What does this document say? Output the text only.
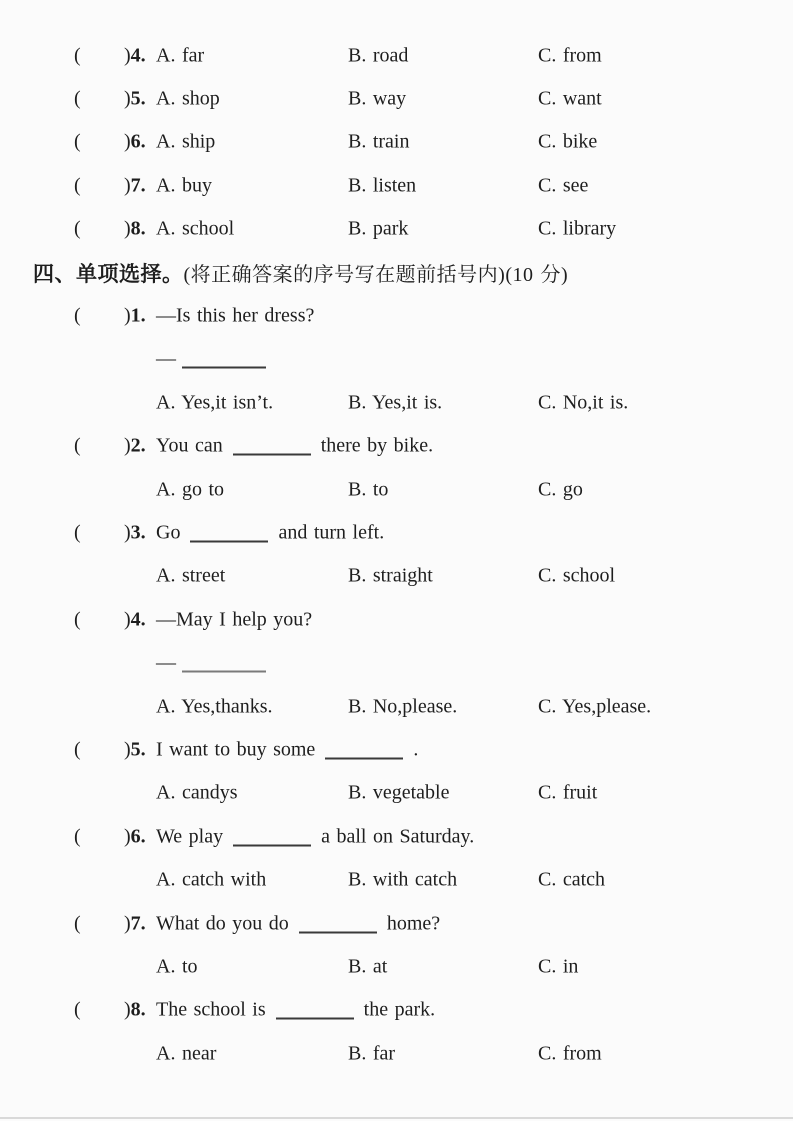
( )4. A. far	B. road	C. from
( )5. A. shop	B. way	C. want
( )6. A. ship	B. train	C. bike
( )7. A. buy	B. listen	C. see
( )8. A. school	B. park	C. library
四、单项选择。(将正确答案的序号写在题前括号内)(10 分)
( )1. —Is this her dress?
—
A. Yes,it isn’t.	B. Yes,it is.	C. No,it is.
( )2. You can	there by bike.
A. go to	B. to	C. go
( )3. Go	and turn left.
A. street	B. straight	C. school
( )4. —May I help you?
—
A. Yes,thanks.	B. No,please.	C. Yes,please.
( )5. I want to buy some	.
A. candys	B. vegetable	C. fruit
( )6. We play	a ball on Saturday.
A. catch with	B. with catch	C. catch
( )7. What do you do	home?
A. to	B. at	C. in
( )8. The school is	the park.
A. near	B. far	C. from
